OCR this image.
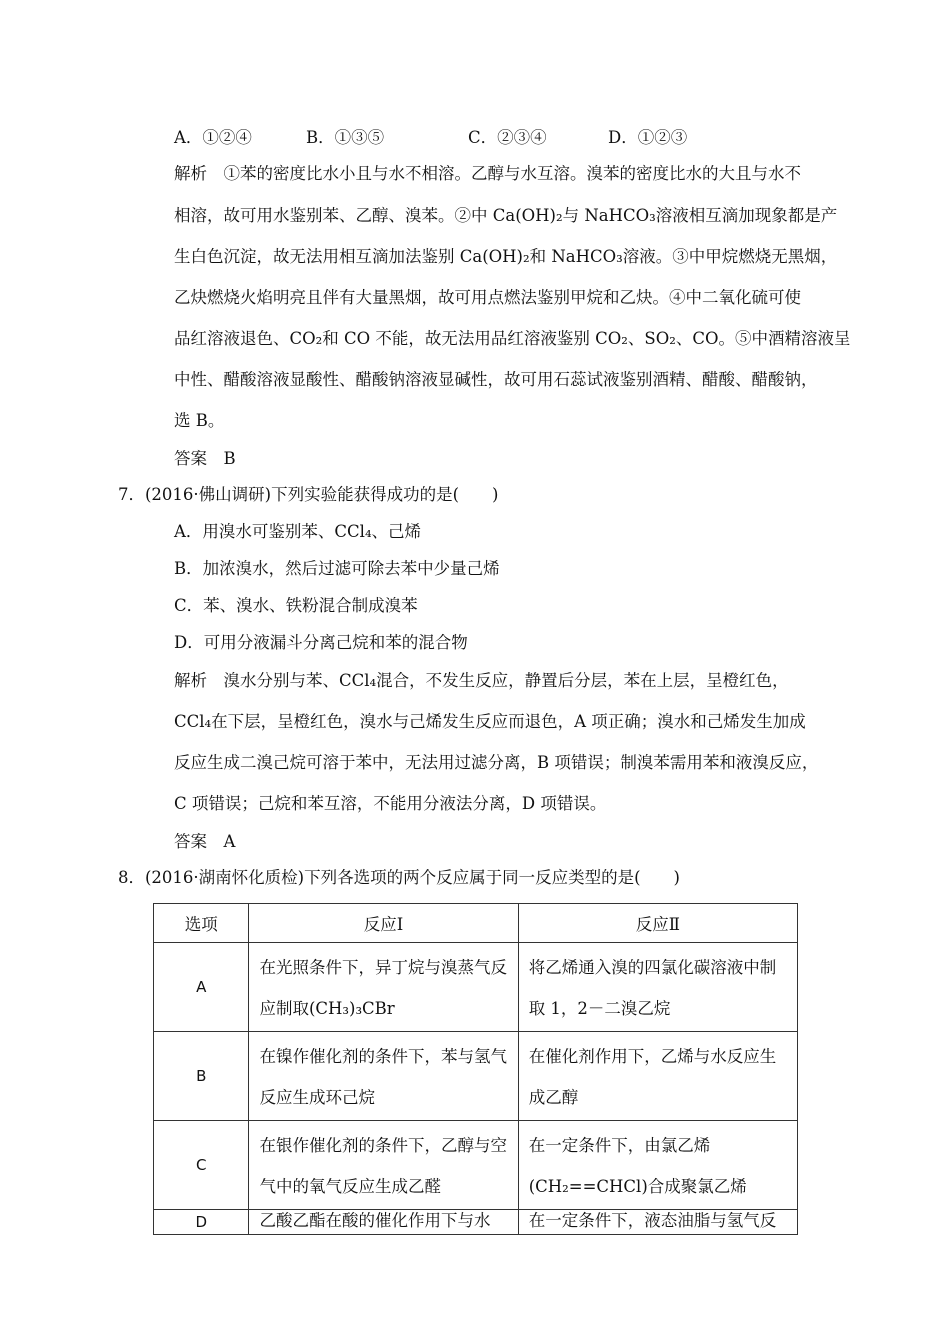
A．①②④	B．①③⑤	C．②③④	D．①②③
解析　①苯的密度比水小且与水不相溶。乙醇与水互溶。溴苯的密度比水的大且与水不
相溶，故可用水鉴别苯、乙醇、溴苯。②中 Ca(OH)₂与 NaHCO₃溶液相互滴加现象都是产
生白色沉淀，故无法用相互滴加法鉴别 Ca(OH)₂和 NaHCO₃溶液。③中甲烷燃烧无黑烟，
乙炔燃烧火焰明亮且伴有大量黑烟，故可用点燃法鉴别甲烷和乙炔。④中二氧化硫可使
品红溶液退色、CO₂和 CO 不能，故无法用品红溶液鉴别 CO₂、SO₂、CO。⑤中酒精溶液呈
中性、醋酸溶液显酸性、醋酸钠溶液显碱性，故可用石蕊试液鉴别酒精、醋酸、醋酸钠，
选 B。
答案　B
7．(2016·佛山调研)下列实验能获得成功的是(　　)
A．用溴水可鉴别苯、CCl₄、己烯
B．加浓溴水，然后过滤可除去苯中少量己烯
C．苯、溴水、铁粉混合制成溴苯
D．可用分液漏斗分离己烷和苯的混合物
解析　溴水分别与苯、CCl₄混合，不发生反应，静置后分层，苯在上层，呈橙红色，
CCl₄在下层，呈橙红色，溴水与己烯发生反应而退色，A 项正确；溴水和己烯发生加成
反应生成二溴己烷可溶于苯中，无法用过滤分离，B 项错误；制溴苯需用苯和液溴反应，
C 项错误；己烷和苯互溶，不能用分液法分离，D 项错误。
答案　A
8．(2016·湖南怀化质检)下列各选项的两个反应属于同一反应类型的是(　　)
选项	反应Ⅰ	反应Ⅱ
A	在光照条件下，异丁烷与溴蒸气反应制取(CH₃)₃CBr	将乙烯通入溴的四氯化碳溶液中制取 1，2－二溴乙烷

B	在镍作催化剂的条件下，苯与氢气反应生成环己烷	在催化剂作用下，乙烯与水反应生成乙醇

C	在银作催化剂的条件下，乙醇与空气中的氧气反应生成乙醛	在一定条件下，由氯乙烯(CH₂==CHCl)合成聚氯乙烯

D	乙酸乙酯在酸的催化作用下与水	在一定条件下，液态油脂与氢气反
